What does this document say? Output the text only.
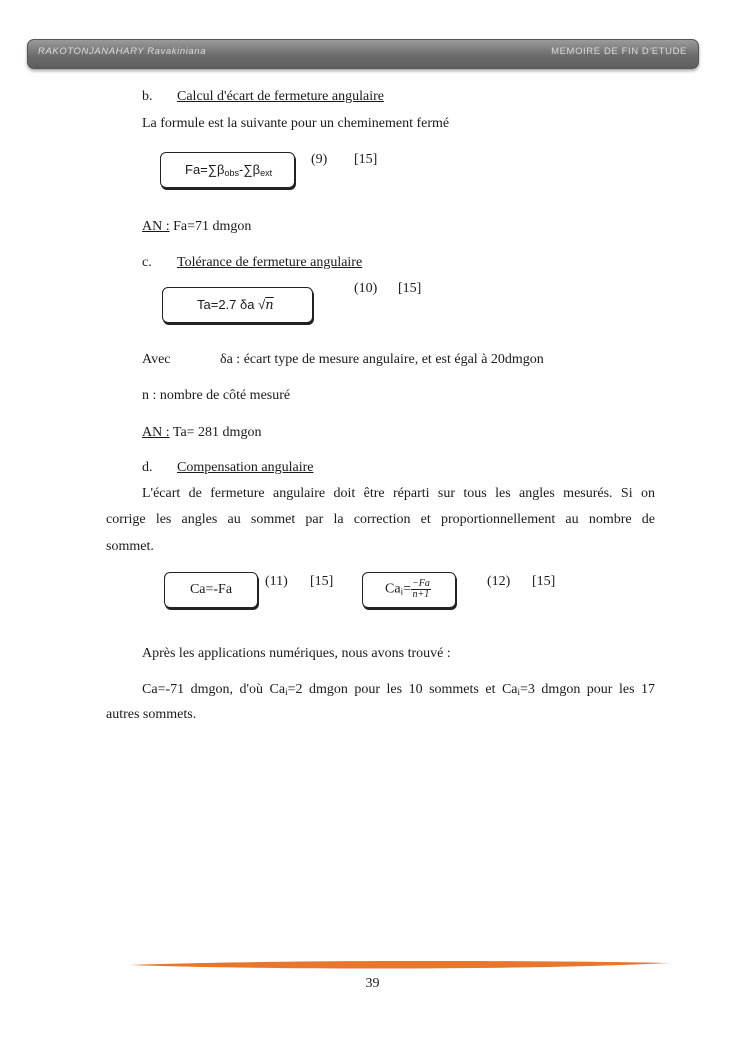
RAKOTONJANAHARY Ravakiniana	MEMOIRE DE FIN D'ETUDE
b. Calcul d'écart de fermeture angulaire
La formule est la suivante pour un cheminement fermé
$Fa=\sum\beta_{obs}-\sum\beta_{ext}$
(9) [15]
AN : Fa=71 dmgon
c. Tolérance de fermeture angulaire
Ta=2.7 δa √n
(10) [15]
Avec	δa : écart type de mesure angulaire, et est égal à 20dmgon
n : nombre de côté mesuré
AN : Ta= 281 dmgon
d. Compensation angulaire
L'écart de fermeture angulaire doit être réparti sur tous les angles mesurés. Si on
corrige les angles au sommet par la correction et proportionnellement au nombre de
sommet.
Ca=-Fa
(11) [15]	$Ca_i= \frac{-Fa}{n+1}$	(12) [15]
Après les applications numériques, nous avons trouvé :
Ca=-71 dmgon, d'où $Ca_i=2$ dmgon pour les 10 sommets et $Ca_i=3$ dmgon pour les 17
autres sommets.
39
